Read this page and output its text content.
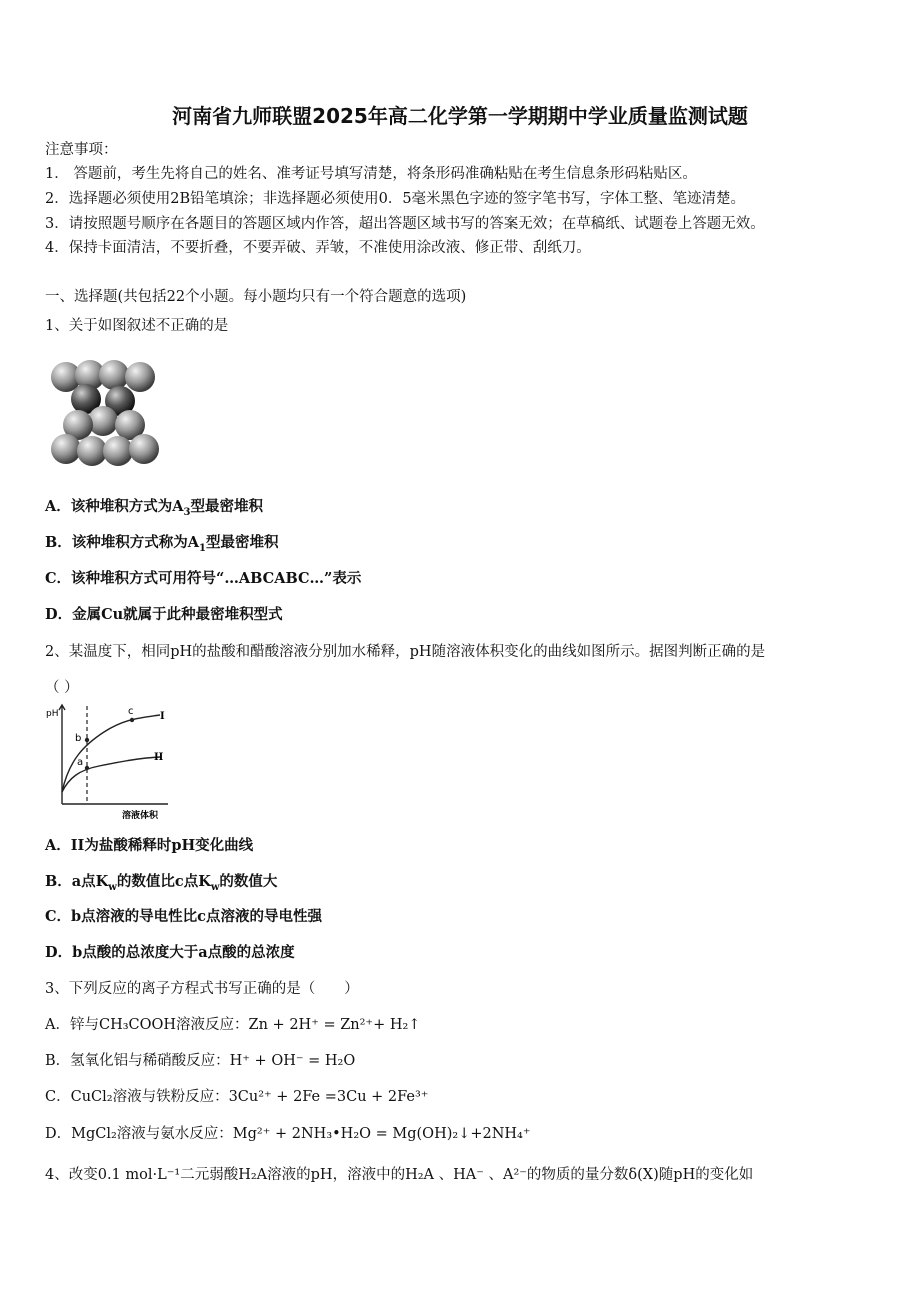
河南省九师联盟2025年高二化学第一学期期中学业质量监测试题
注意事项：
1． 答题前，考生先将自己的姓名、准考证号填写清楚，将条形码准确粘贴在考生信息条形码粘贴区。
2．选择题必须使用2B铅笔填涂；非选择题必须使用0．5毫米黑色字迹的签字笔书写，字体工整、笔迹清楚。
3．请按照题号顺序在各题目的答题区域内作答，超出答题区域书写的答案无效；在草稿纸、试题卷上答题无效。
4．保持卡面清洁，不要折叠，不要弄破、弄皱，不准使用涂改液、修正带、刮纸刀。
一、选择题(共包括22个小题。每小题均只有一个符合题意的选项)
1、关于如图叙述不正确的是
A．该种堆积方式为$A_3$型最密堆积
B．该种堆积方式称为$A_1$型最密堆积
C．该种堆积方式可用符号“…ABCABC…”表示
D．金属Cu就属于此种最密堆积型式
2、某温度下，相同pH的盐酸和醋酸溶液分别加水稀释，pH随溶液体积变化的曲线如图所示。据图判断正确的是
（ ）
pH
b
a
c	I
II
溶液体积
A．II为盐酸稀释时pH变化曲线
B．a点$K_w$的数值比c点$K_w$的数值大
C．b点溶液的导电性比c点溶液的导电性强
D．b点酸的总浓度大于a点酸的总浓度
3、下列反应的离子方程式书写正确的是（　　）
A．锌与CH₃COOH溶液反应：Zn + 2H⁺ = Zn²⁺+ H₂↑
B．氢氧化铝与稀硝酸反应：H⁺ + OH⁻ = H₂O
C．CuCl₂溶液与铁粉反应：3Cu²⁺ + 2Fe =3Cu + 2Fe³⁺
D．MgCl₂溶液与氨水反应：Mg²⁺ + 2NH₃•H₂O = Mg(OH)₂↓+2NH₄⁺
4、改变0.1 mol·L⁻¹二元弱酸H₂A溶液的pH，溶液中的H₂A 、HA⁻ 、A²⁻的物质的量分数δ(X)随pH的变化如
